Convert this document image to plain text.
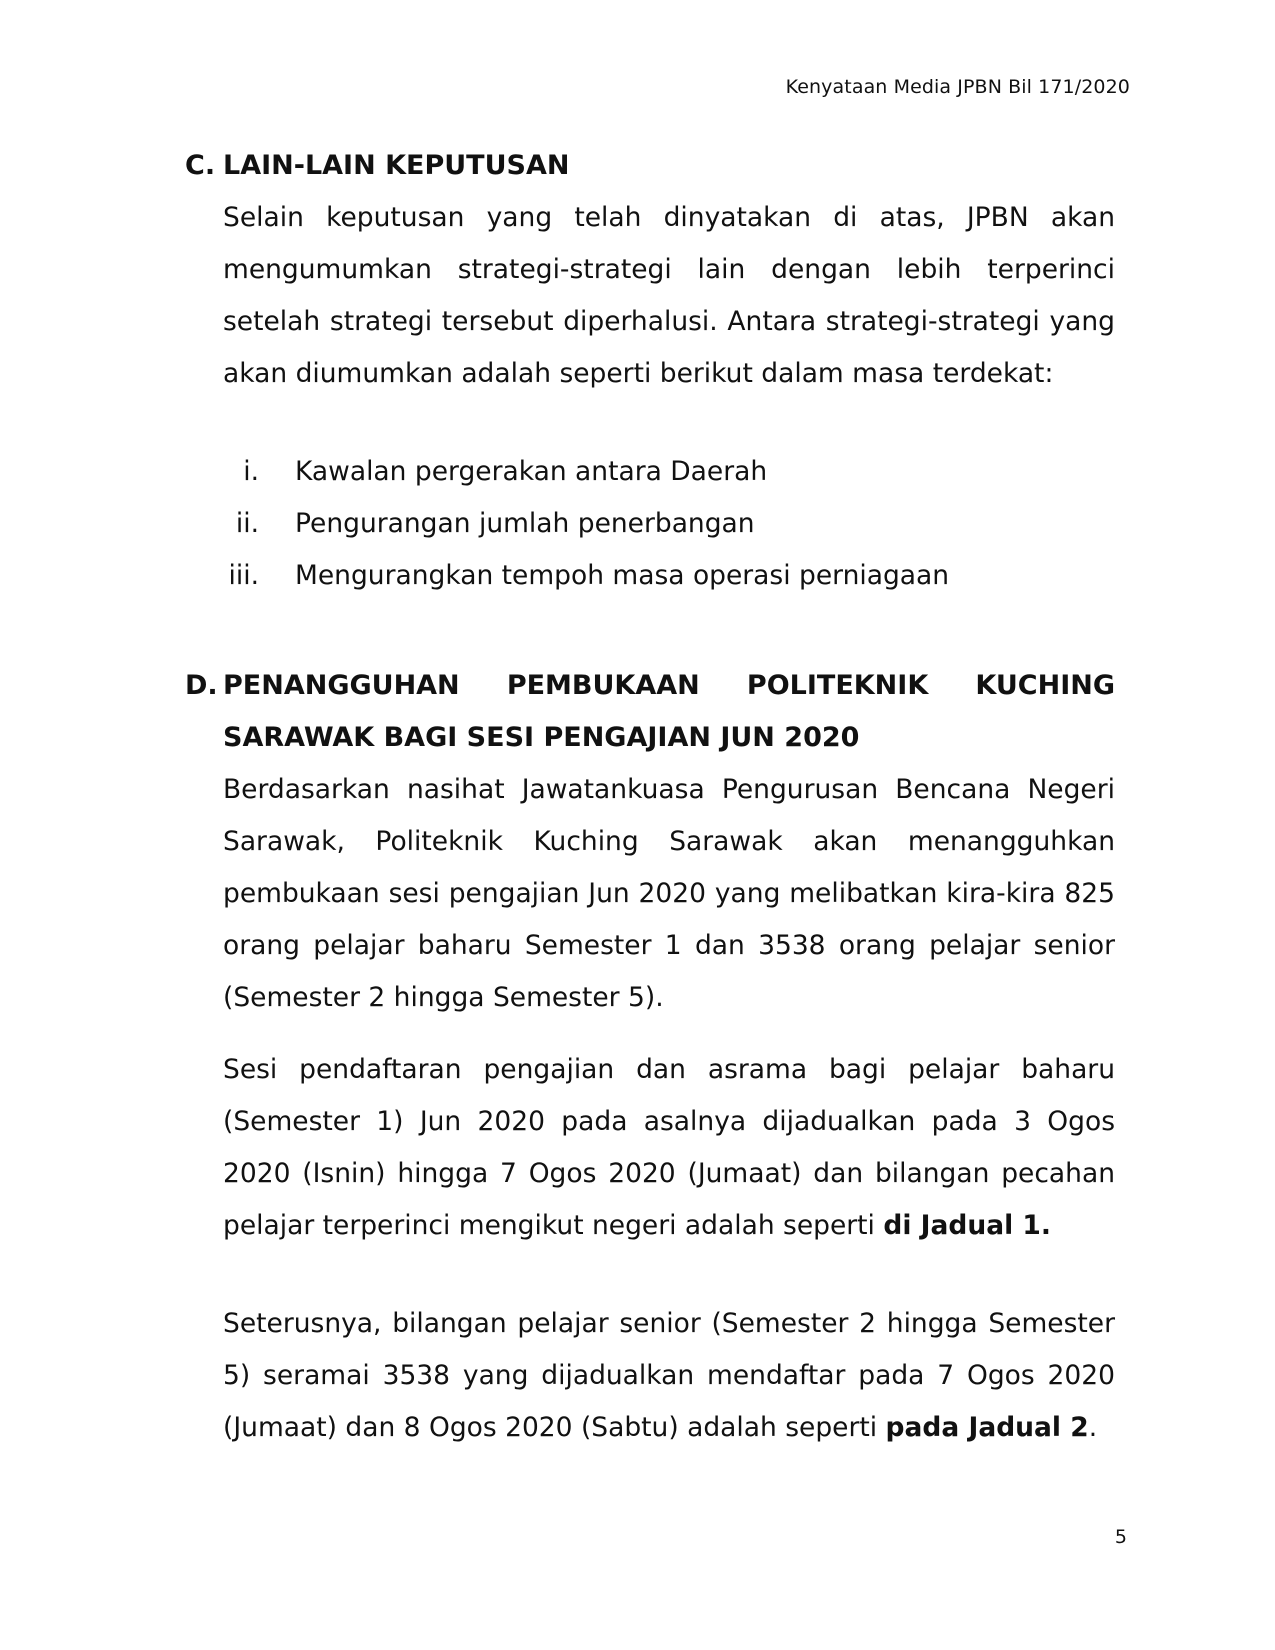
Kenyataan Media JPBN Bil 171/2020
C. LAIN-LAIN KEPUTUSAN
Selain keputusan yang telah dinyatakan di atas, JPBN akan mengumumkan strategi-strategi lain dengan lebih terperinci setelah strategi tersebut diperhalusi. Antara strategi-strategi yang akan diumumkan adalah seperti berikut dalam masa terdekat:
i. Kawalan pergerakan antara Daerah
ii. Pengurangan jumlah penerbangan
iii. Mengurangkan tempoh masa operasi perniagaan
D. PENANGGUHAN PEMBUKAAN POLITEKNIK KUCHING SARAWAK BAGI SESI PENGAJIAN JUN 2020
Berdasarkan nasihat Jawatankuasa Pengurusan Bencana Negeri Sarawak, Politeknik Kuching Sarawak akan menangguhkan pembukaan sesi pengajian Jun 2020 yang melibatkan kira-kira 825 orang pelajar baharu Semester 1 dan 3538 orang pelajar senior (Semester 2 hingga Semester 5).
Sesi pendaftaran pengajian dan asrama bagi pelajar baharu (Semester 1) Jun 2020 pada asalnya dijadualkan pada 3 Ogos 2020 (Isnin) hingga 7 Ogos 2020 (Jumaat) dan bilangan pecahan pelajar terperinci mengikut negeri adalah seperti di Jadual 1.
Seterusnya, bilangan pelajar senior (Semester 2 hingga Semester 5) seramai 3538 yang dijadualkan mendaftar pada 7 Ogos 2020 (Jumaat) dan 8 Ogos 2020 (Sabtu) adalah seperti pada Jadual 2.
5
